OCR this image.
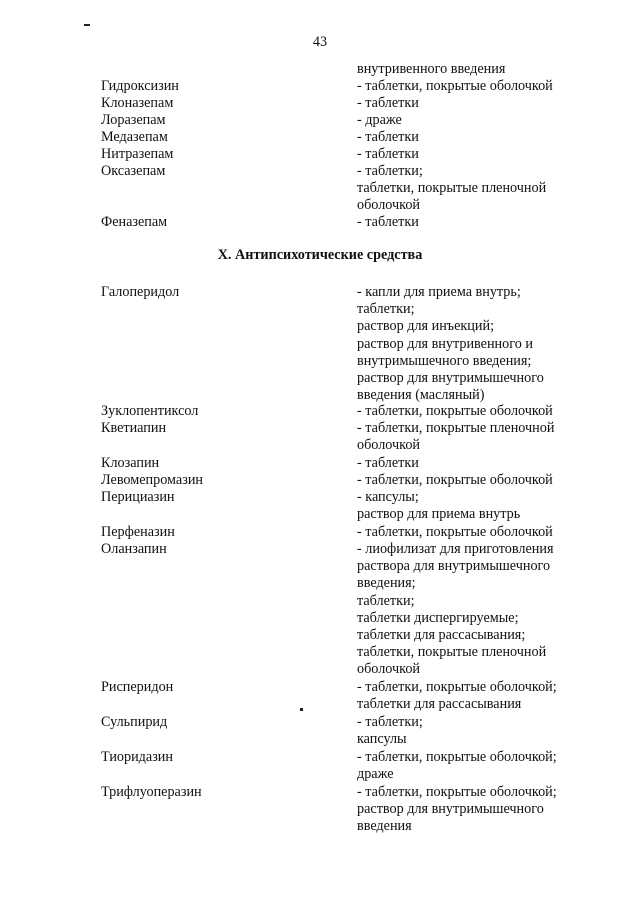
43
внутривенного введения
Гидроксизин	- таблетки, покрытые оболочкой
Клоназепам	- таблетки
Лоразепам	- драже
Медазепам	- таблетки
Нитразепам	- таблетки
Оксазепам	- таблетки;
таблетки, покрытые пленочной
оболочкой
Феназепам	- таблетки
X. Антипсихотические средства
Галоперидол	- капли для приема внутрь;
таблетки;
раствор для инъекций;
раствор для внутривенного и
внутримышечного введения;
раствор для внутримышечного
введения (масляный)
Зуклопентиксол	- таблетки, покрытые оболочкой
Кветиапин	- таблетки, покрытые пленочной
оболочкой
Клозапин	- таблетки
Левомепромазин	- таблетки, покрытые оболочкой
Перициазин	- капсулы;
раствор для приема внутрь
Перфеназин	- таблетки, покрытые оболочкой
Оланзапин	- лиофилизат для приготовления
раствора для внутримышечного
введения;
таблетки;
таблетки диспергируемые;
таблетки для рассасывания;
таблетки, покрытые пленочной
оболочкой
Рисперидон	- таблетки, покрытые оболочкой;
таблетки для рассасывания
Сульпирид	- таблетки;
капсулы
Тиоридазин	- таблетки, покрытые оболочкой;
драже
Трифлуоперазин	- таблетки, покрытые оболочкой;
раствор для внутримышечного
введения
